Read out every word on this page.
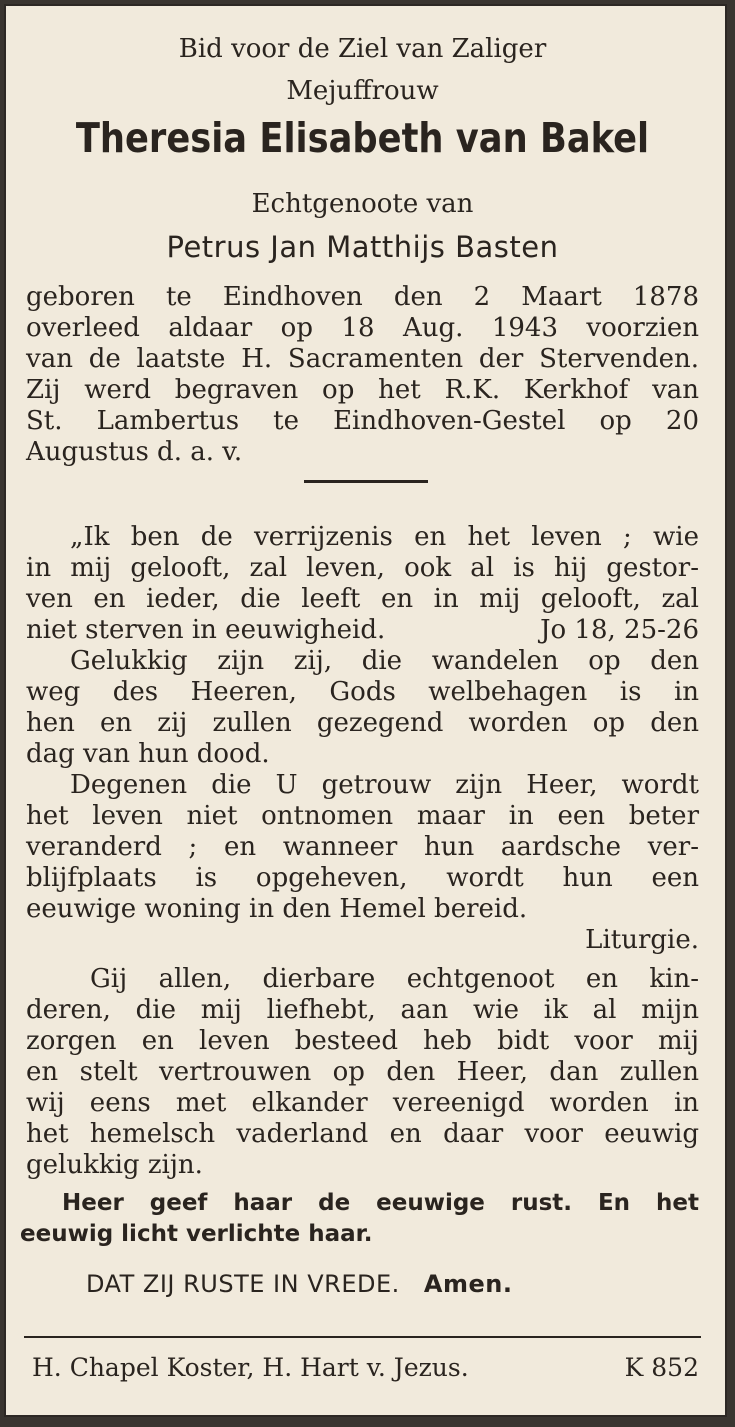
Bid voor de Ziel van Zaliger
Mejuffrouw
Theresia Elisabeth van Bakel
Echtgenoote van
Petrus Jan Matthijs Basten
geboren te Eindhoven den 2 Maart 1878
overleed aldaar op 18 Aug. 1943 voorzien
van de laatste H. Sacramenten der Stervenden.
Zij werd begraven op het R.K. Kerkhof van
St. Lambertus te Eindhoven-Gestel op 20
Augustus d. a. v.
„Ik ben de verrijzenis en het leven ; wie
in mij gelooft, zal leven, ook al is hij gestor-
ven en ieder, die leeft en in mij gelooft, zal
niet sterven in eeuwigheid.	Jo 18, 25-26
Gelukkig zijn zij, die wandelen op den
weg des Heeren, Gods welbehagen is in
hen en zij zullen gezegend worden op den
dag van hun dood.
Degenen die U getrouw zijn Heer, wordt
het leven niet ontnomen maar in een beter
veranderd ; en wanneer hun aardsche ver-
blijfplaats is opgeheven, wordt hun een
eeuwige woning in den Hemel bereid.
Liturgie.
Gij allen, dierbare echtgenoot en kin-
deren, die mij liefhebt, aan wie ik al mijn
zorgen en leven besteed heb bidt voor mij
en stelt vertrouwen op den Heer, dan zullen
wij eens met elkander vereenigd worden in
het hemelsch vaderland en daar voor eeuwig
gelukkig zijn.
Heer geef haar de eeuwige rust. En het
eeuwig licht verlichte haar.
DAT ZIJ RUSTE IN VREDE. Amen.
H. Chapel Koster, H. Hart v. Jezus.	K 852
